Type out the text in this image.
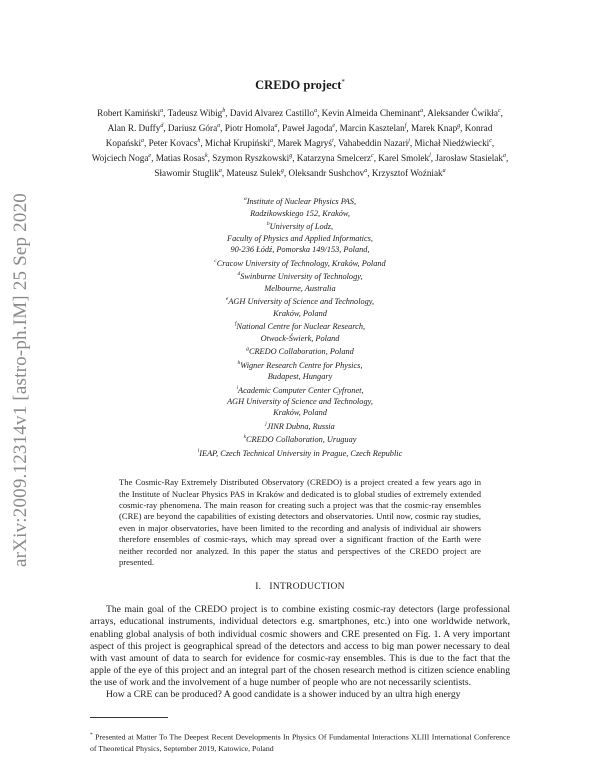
arXiv:2009.12314v1 [astro-ph.IM] 25 Sep 2020
CREDO project*
Robert Kamiński$^a$, Tadeusz Wibig$^b$, David Alvarez Castillo$^a$, Kevin Almeida Cheminant$^a$, Aleksander Ćwikła$^c$, Alan R. Duffy$^d$, Dariusz Góra$^a$, Piotr Homola$^a$, Paweł Jagoda$^e$, Marcin Kasztelan$^f$, Marek Knap$^g$, Konrad Kopański$^a$, Peter Kovacs$^h$, Michał Krupiński$^a$, Marek Magryś$^i$, Vahabeddin Nazari$^j$, Michał Niedźwiecki$^c$, Wojciech Noga$^e$, Matias Rosas$^k$, Szymon Ryszkowski$^g$, Katarzyna Smelcerz$^c$, Karel Smolek$^l$, Jarosław Stasielak$^a$, Sławomir Stuglik$^a$, Mateusz Sulek$^g$, Oleksandr Sushchov$^a$, Krzysztof Woźniak$^a$
$^a$Institute of Nuclear Physics PAS,
Radzikowskiego 152, Kraków,
$^b$University of Lodz,
Faculty of Physics and Applied Informatics,
90-236 Łódź, Pomorska 149/153, Poland,
$^c$Cracow University of Technology, Kraków, Poland
$^d$Swinburne University of Technology,
Melbourne, Australia
$^e$AGH University of Science and Technology,
Kraków, Poland
$^f$National Centre for Nuclear Research,
Otwock-Świerk, Poland
$^g$CREDO Collaboration, Poland
$^h$Wigner Research Centre for Physics,
Budapest, Hungary
$^i$Academic Computer Center Cyfronet,
AGH University of Science and Technology,
Kraków, Poland
$^j$JINR Dubna, Russia
$^k$CREDO Collaboration, Uruguay
$^l$IEAP, Czech Technical University in Prague, Czech Republic

The Cosmic-Ray Extremely Distributed Observatory (CREDO) is a project created a few years ago in the Institute of Nuclear Physics PAS in Kraków and dedicated is to global studies of extremely extended cosmic-ray phenomena. The main reason for creating such a project was that the cosmic-ray ensembles (CRE) are beyond the capabilities of existing detectors and observatories. Until now, cosmic ray studies, even in major observatories, have been limited to the recording and analysis of individual air showers therefore ensembles of cosmic-rays, which may spread over a significant fraction of the Earth were neither recorded nor analyzed. In this paper the status and perspectives of the CREDO project are presented.

I. INTRODUCTION

The main goal of the CREDO project is to combine existing cosmic-ray detectors (large professional arrays, educational instruments, individual detectors e.g. smartphones, etc.) into one worldwide network, enabling global analysis of both individual cosmic showers and CRE presented on Fig. 1. A very important aspect of this project is geographical spread of the detectors and access to big man power necessary to deal with vast amount of data to search for evidence for cosmic-ray ensembles. This is due to the fact that the apple of the eye of this project and an integral part of the chosen research method is citizen science enabling the use of work and the involvement of a huge number of people who are not necessarily scientists.

How a CRE can be produced? A good candidate is a shower induced by an ultra high energy

* Presented at Matter To The Deepest Recent Developments In Physics Of Fundamental Interactions XLIII International Conference of Theoretical Physics, September 2019, Katowice, Poland
